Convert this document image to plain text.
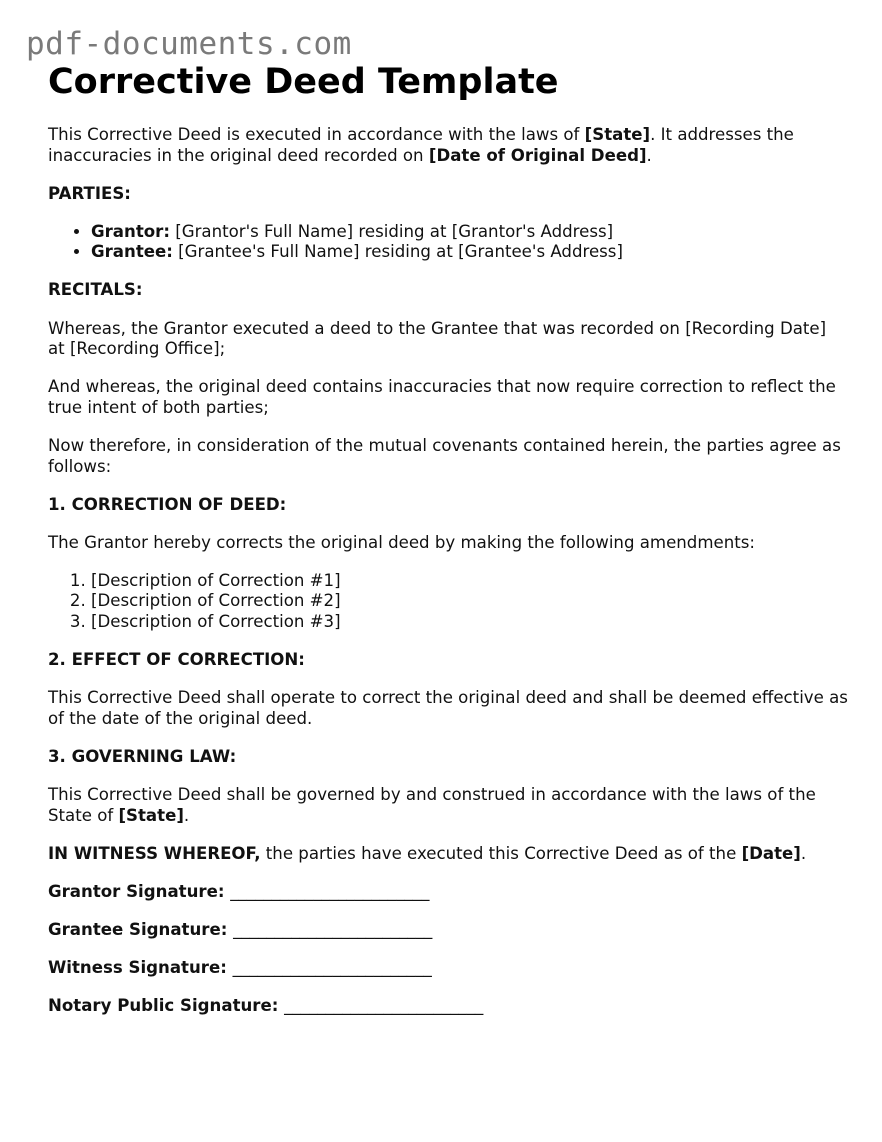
pdf-documents.com
Corrective Deed Template

This Corrective Deed is executed in accordance with the laws of [State]. It addresses the inaccuracies in the original deed recorded on [Date of Original Deed].

PARTIES:

• Grantor: [Grantor's Full Name] residing at [Grantor's Address]
• Grantee: [Grantee's Full Name] residing at [Grantee's Address]

RECITALS:

Whereas, the Grantor executed a deed to the Grantee that was recorded on [Recording Date] at [Recording Office];

And whereas, the original deed contains inaccuracies that now require correction to reflect the true intent of both parties;

Now therefore, in consideration of the mutual covenants contained herein, the parties agree as follows:

1. CORRECTION OF DEED:

The Grantor hereby corrects the original deed by making the following amendments:

1. [Description of Correction #1]
2. [Description of Correction #2]
3. [Description of Correction #3]

2. EFFECT OF CORRECTION:

This Corrective Deed shall operate to correct the original deed and shall be deemed effective as of the date of the original deed.

3. GOVERNING LAW:

This Corrective Deed shall be governed by and construed in accordance with the laws of the State of [State].

IN WITNESS WHEREOF, the parties have executed this Corrective Deed as of the [Date].

Grantor Signature: ________________________

Grantee Signature: ________________________

Witness Signature: ________________________

Notary Public Signature: ________________________
